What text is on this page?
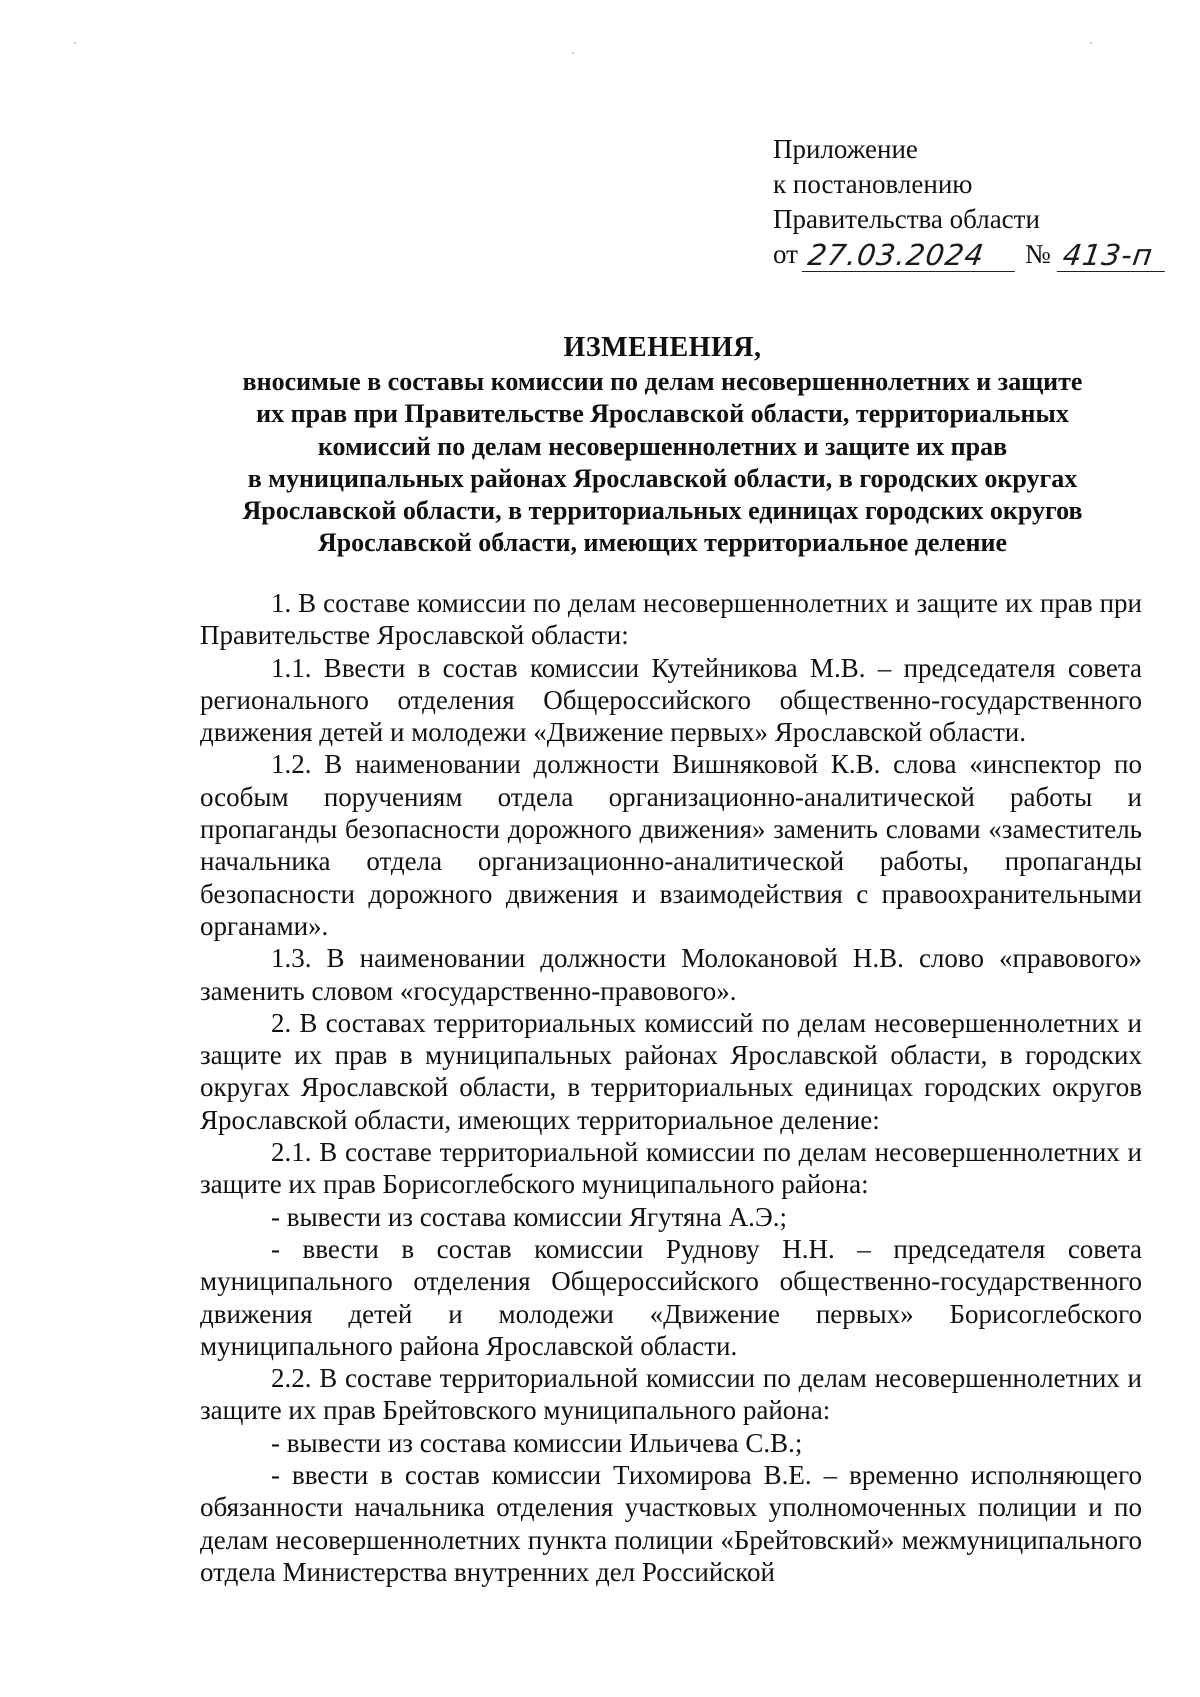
Приложение
к постановлению
Правительства области
от 27.03.2024	№ 413-п
ИЗМЕНЕНИЯ,
вносимые в составы комиссии по делам несовершеннолетних и защите
их прав при Правительстве Ярославской области, территориальных
комиссий по делам несовершеннолетних и защите их прав
в муниципальных районах Ярославской области, в городских округах
Ярославской области, в территориальных единицах городских округов
Ярославской области, имеющих территориальное деление

1. В составе комиссии по делам несовершеннолетних и защите их прав при Правительстве Ярославской области:

1.1. Ввести в состав комиссии Кутейникова М.В. – председателя совета регионального отделения Общероссийского общественно-государственного движения детей и молодежи «Движение первых» Ярославской области.

1.2. В наименовании должности Вишняковой К.В. слова «инспектор по особым поручениям отдела организационно-аналитической работы и пропаганды безопасности дорожного движения» заменить словами «заместитель начальника отдела организационно-аналитической работы, пропаганды безопасности дорожного движения и взаимодействия с правоохранительными органами».

1.3. В наименовании должности Молокановой Н.В. слово «правового» заменить словом «государственно-правового».

2. В составах территориальных комиссий по делам несовершеннолетних и защите их прав в муниципальных районах Ярославской области, в городских округах Ярославской области, в территориальных единицах городских округов Ярославской области, имеющих территориальное деление:

2.1. В составе территориальной комиссии по делам несовершеннолетних и защите их прав Борисоглебского муниципального района:

- вывести из состава комиссии Ягутяна А.Э.;

- ввести в состав комиссии Руднову Н.Н. – председателя совета муниципального отделения Общероссийского общественно-государственного движения детей и молодежи «Движение первых» Борисоглебского муниципального района Ярославской области.

2.2. В составе территориальной комиссии по делам несовершеннолетних и защите их прав Брейтовского муниципального района:

- вывести из состава комиссии Ильичева С.В.;

- ввести в состав комиссии Тихомирова В.Е. – временно исполняющего обязанности начальника отделения участковых уполномоченных полиции и по делам несовершеннолетних пункта полиции «Брейтовский» межмуниципального отдела Министерства внутренних дел Российской
